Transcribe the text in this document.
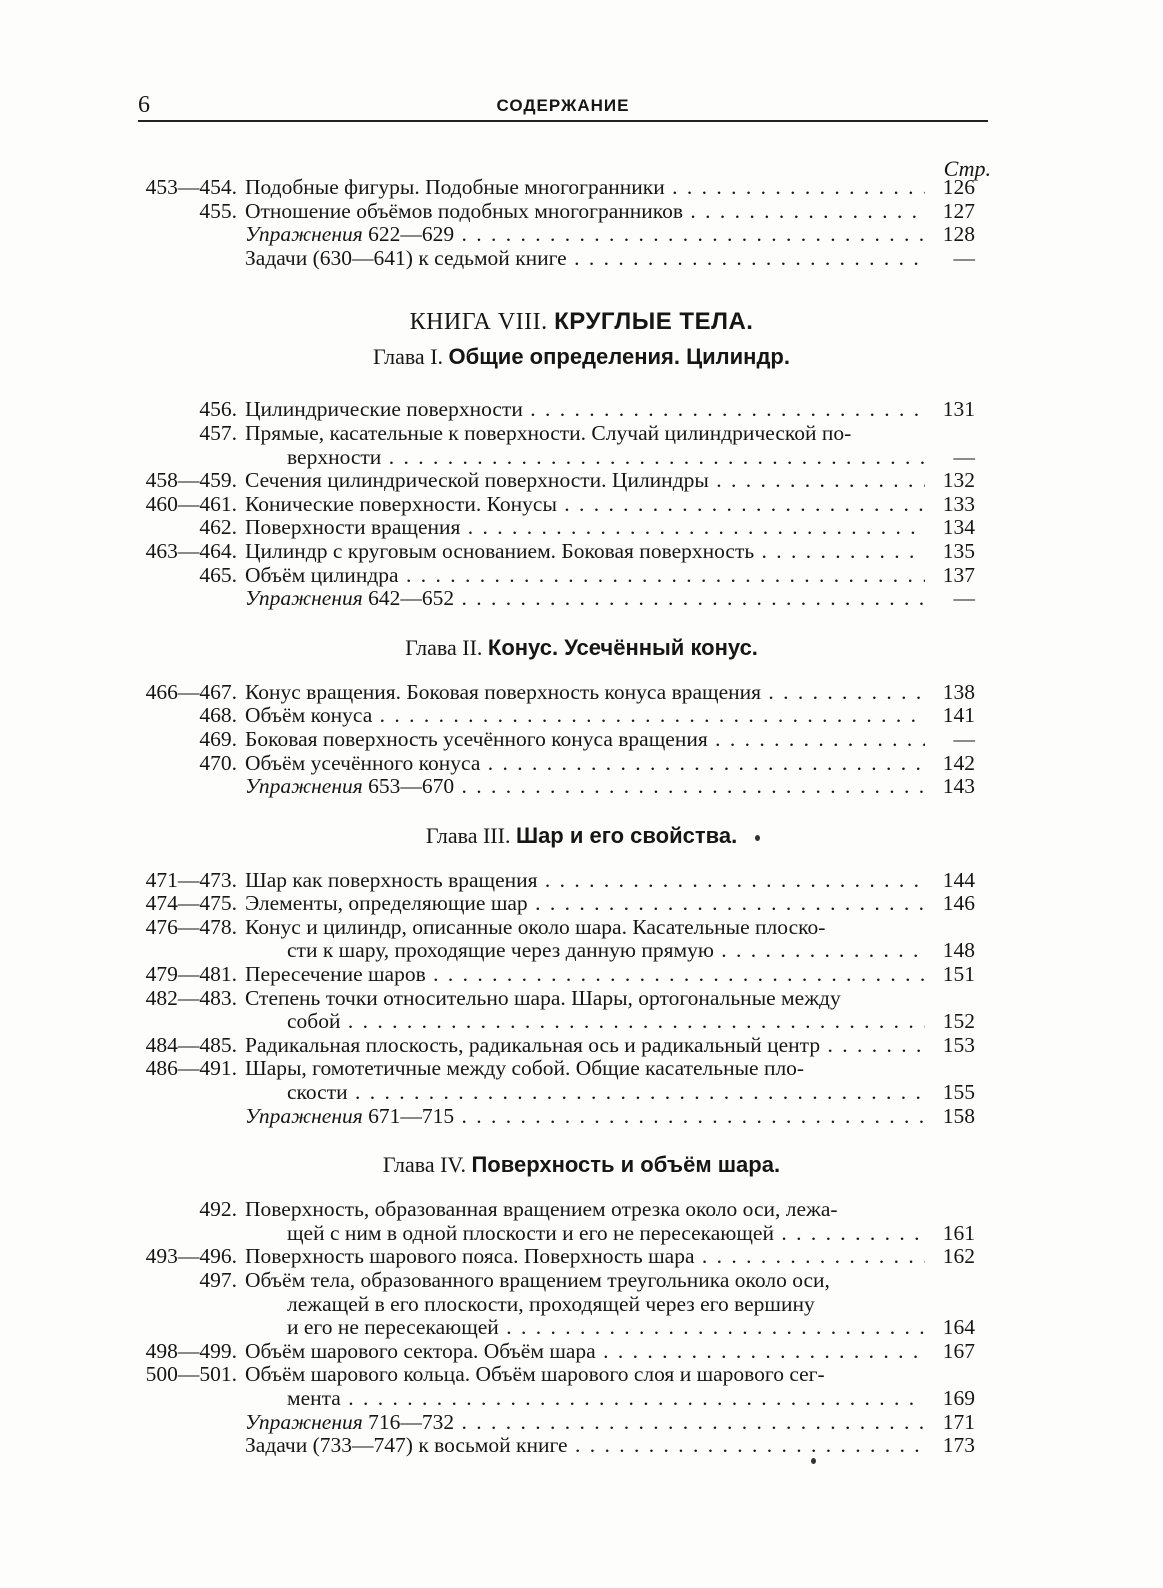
6	СОДЕРЖАНИЕ
Стр.
453—454. Подобные фигуры. Подобные многогранники . . .	126
455. Отношение объёмов подобных многогранников . . .	127
Упражнения 622—629 . . .	128
Задачи (630—641) к седьмой книге . . .	—
КНИГА VIII. КРУГЛЫЕ ТЕЛА.
Глава I. Общие определения. Цилиндр.
456. Цилиндрические поверхности . . .	131
457. Прямые, касательные к поверхности. Случай цилиндрической по-
верхности . . .	—
458—459. Сечения цилиндрической поверхности. Цилиндры . . .	132
460—461. Конические поверхности. Конусы . . .	133
462. Поверхности вращения . . .	134
463—464. Цилиндр с круговым основанием. Боковая поверхность . . .	135
465. Объём цилиндра . . .	137
Упражнения 642—652 . . .	—
Глава II. Конус. Усечённый конус.
466—467. Конус вращения. Боковая поверхность конуса вращения . . .	138
468. Объём конуса . . .	141
469. Боковая поверхность усечённого конуса вращения . . .	—
470. Объём усечённого конуса . . .	142
Упражнения 653—670 . . .	143
Глава III. Шар и его свойства.
471—473. Шар как поверхность вращения . . .	144
474—475. Элементы, определяющие шар . . .	146
476—478. Конус и цилиндр, описанные около шара. Касательные плоско-
сти к шару, проходящие через данную прямую . . .	148
479—481. Пересечение шаров . . .	151
482—483. Степень точки относительно шара. Шары, ортогональные между
собой . . .	152
484—485. Радикальная плоскость, радикальная ось и радикальный центр . . .	153
486—491. Шары, гомотетичные между собой. Общие касательные пло-
скости . . .	155
Упражнения 671—715 . . .	158
Глава IV. Поверхность и объём шара.
492. Поверхность, образованная вращением отрезка около оси, лежа-
щей с ним в одной плоскости и его не пересекающей . . .	161
493—496. Поверхность шарового пояса. Поверхность шара . . .	162
497. Объём тела, образованного вращением треугольника около оси,
лежащей в его плоскости, проходящей через его вершину
и его не пересекающей . . .	164
498—499. Объём шарового сектора. Объём шара . . .	167
500—501. Объём шарового кольца. Объём шарового слоя и шарового сег-
мента . . .	169
Упражнения 716—732 . . .	171
Задачи (733—747) к восьмой книге . . .	173
